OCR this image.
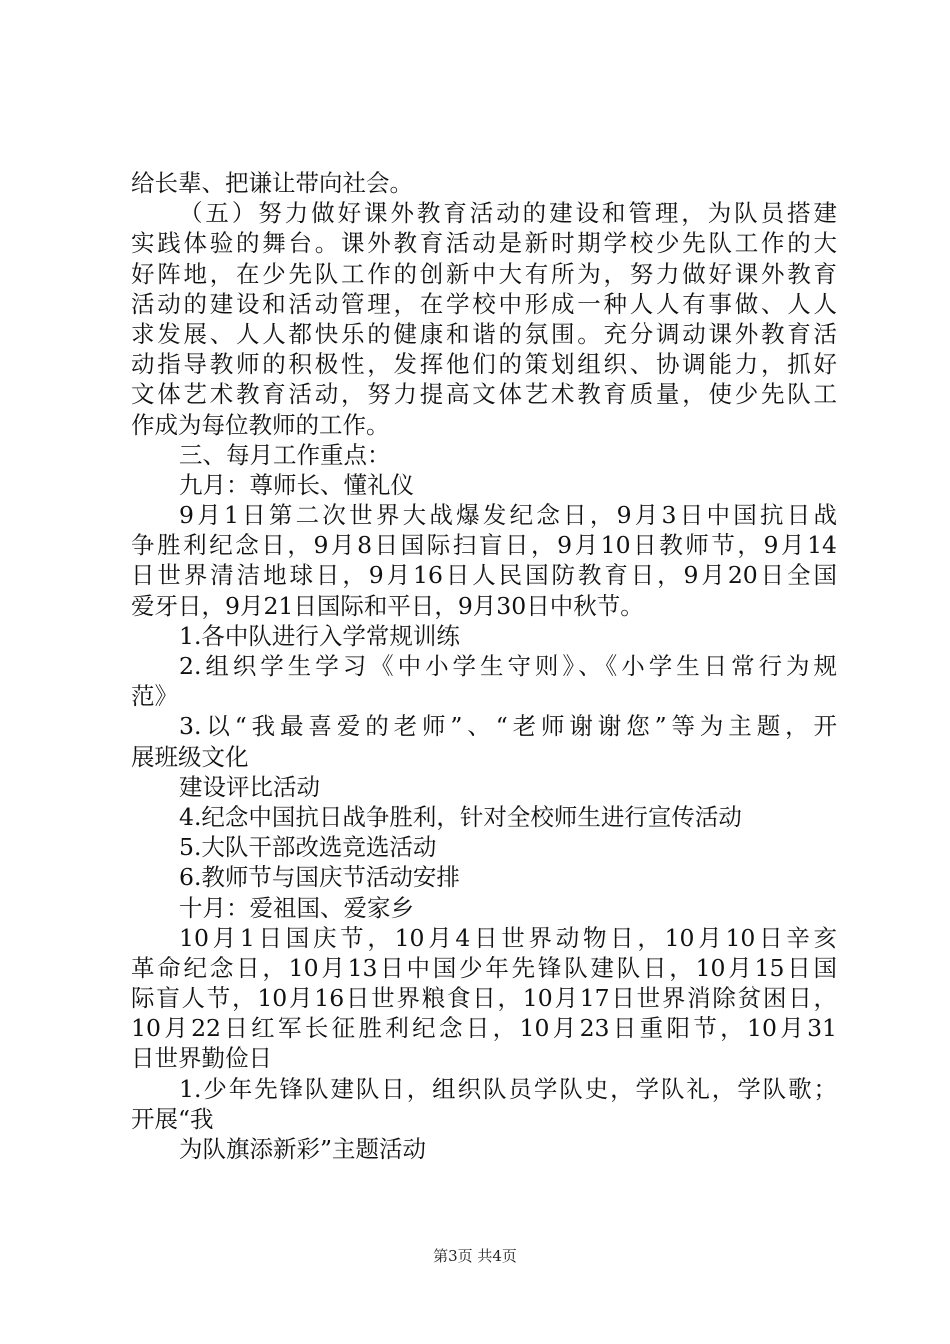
给长辈、把谦让带向社会。
（五）努力做好课外教育活动的建设和管理，为队员搭建
实践体验的舞台。课外教育活动是新时期学校少先队工作的大
好阵地，在少先队工作的创新中大有所为，努力做好课外教育
活动的建设和活动管理，在学校中形成一种人人有事做、人人
求发展、人人都快乐的健康和谐的氛围。充分调动课外教育活
动指导教师的积极性，发挥他们的策划组织、协调能力，抓好
文体艺术教育活动，努力提高文体艺术教育质量，使少先队工
作成为每位教师的工作。
三、每月工作重点：
九月：尊师长、懂礼仪
9月1日第二次世界大战爆发纪念日，9月3日中国抗日战
争胜利纪念日，9月8日国际扫盲日，9月10日教师节，9月14
日世界清洁地球日，9月16日人民国防教育日，9月20日全国
爱牙日，9月21日国际和平日，9月30日中秋节。
1.各中队进行入学常规训练
2.组织学生学习《中小学生守则》、《小学生日常行为规
范》
3.以“我最喜爱的老师”、“老师谢谢您”等为主题，开
展班级文化
建设评比活动
4.纪念中国抗日战争胜利，针对全校师生进行宣传活动
5.大队干部改选竞选活动
6.教师节与国庆节活动安排
十月：爱祖国、爱家乡
10月1日国庆节，10月4日世界动物日，10月10日辛亥
革命纪念日，10月13日中国少年先锋队建队日，10月15日国
际盲人节，10月16日世界粮食日，10月17日世界消除贫困日，
10月22日红军长征胜利纪念日，10月23日重阳节，10月31
日世界勤俭日
1.少年先锋队建队日，组织队员学队史，学队礼，学队歌；
开展“我
为队旗添新彩”主题活动
第3页 共4页
